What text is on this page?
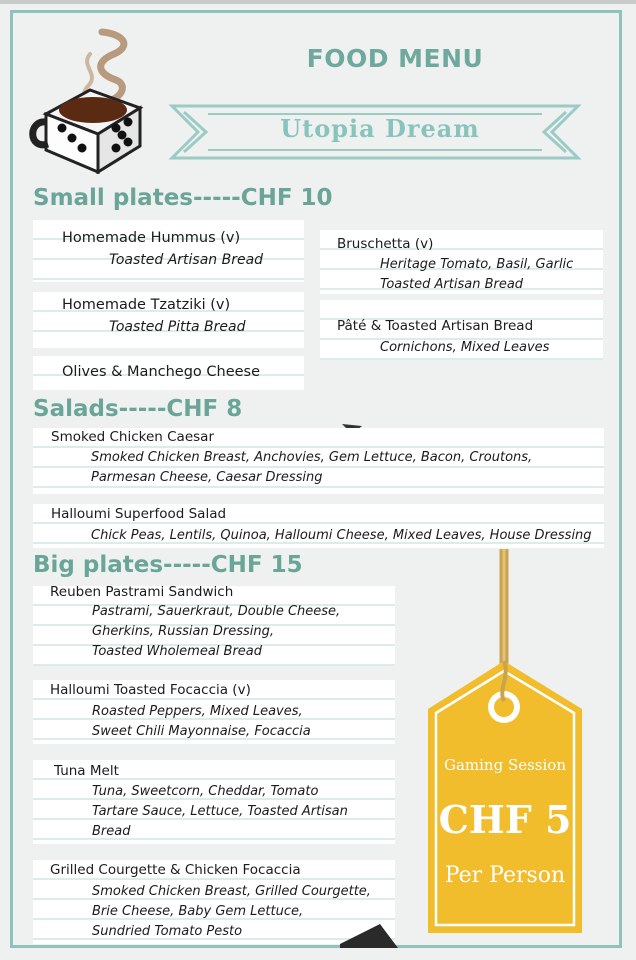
FOOD MENU
Utopia Dream
Small plates-----CHF 10
Homemade Hummus (v)
Toasted Artisan Bread
Homemade Tzatziki (v)
Toasted Pitta Bread
Olives & Manchego Cheese
Bruschetta (v)
Heritage Tomato, Basil, Garlic
Toasted Artisan Bread
Pâté & Toasted Artisan Bread
Cornichons, Mixed Leaves
Salads-----CHF 8
Smoked Chicken Caesar
Smoked Chicken Breast, Anchovies, Gem Lettuce, Bacon, Croutons,
Parmesan Cheese, Caesar Dressing
Halloumi Superfood Salad
Chick Peas, Lentils, Quinoa, Halloumi Cheese, Mixed Leaves, House Dressing
Big plates-----CHF 15
Reuben Pastrami Sandwich
Pastrami, Sauerkraut, Double Cheese,
Gherkins, Russian Dressing,
Toasted Wholemeal Bread
Halloumi Toasted Focaccia (v)
Roasted Peppers, Mixed Leaves,
Sweet Chili Mayonnaise, Focaccia
Tuna Melt
Tuna, Sweetcorn, Cheddar, Tomato
Tartare Sauce, Lettuce, Toasted Artisan
Bread
Grilled Courgette & Chicken Focaccia
Smoked Chicken Breast, Grilled Courgette,
Brie Cheese, Baby Gem Lettuce,
Sundried Tomato Pesto
Gaming Session
CHF 5
Per Person
